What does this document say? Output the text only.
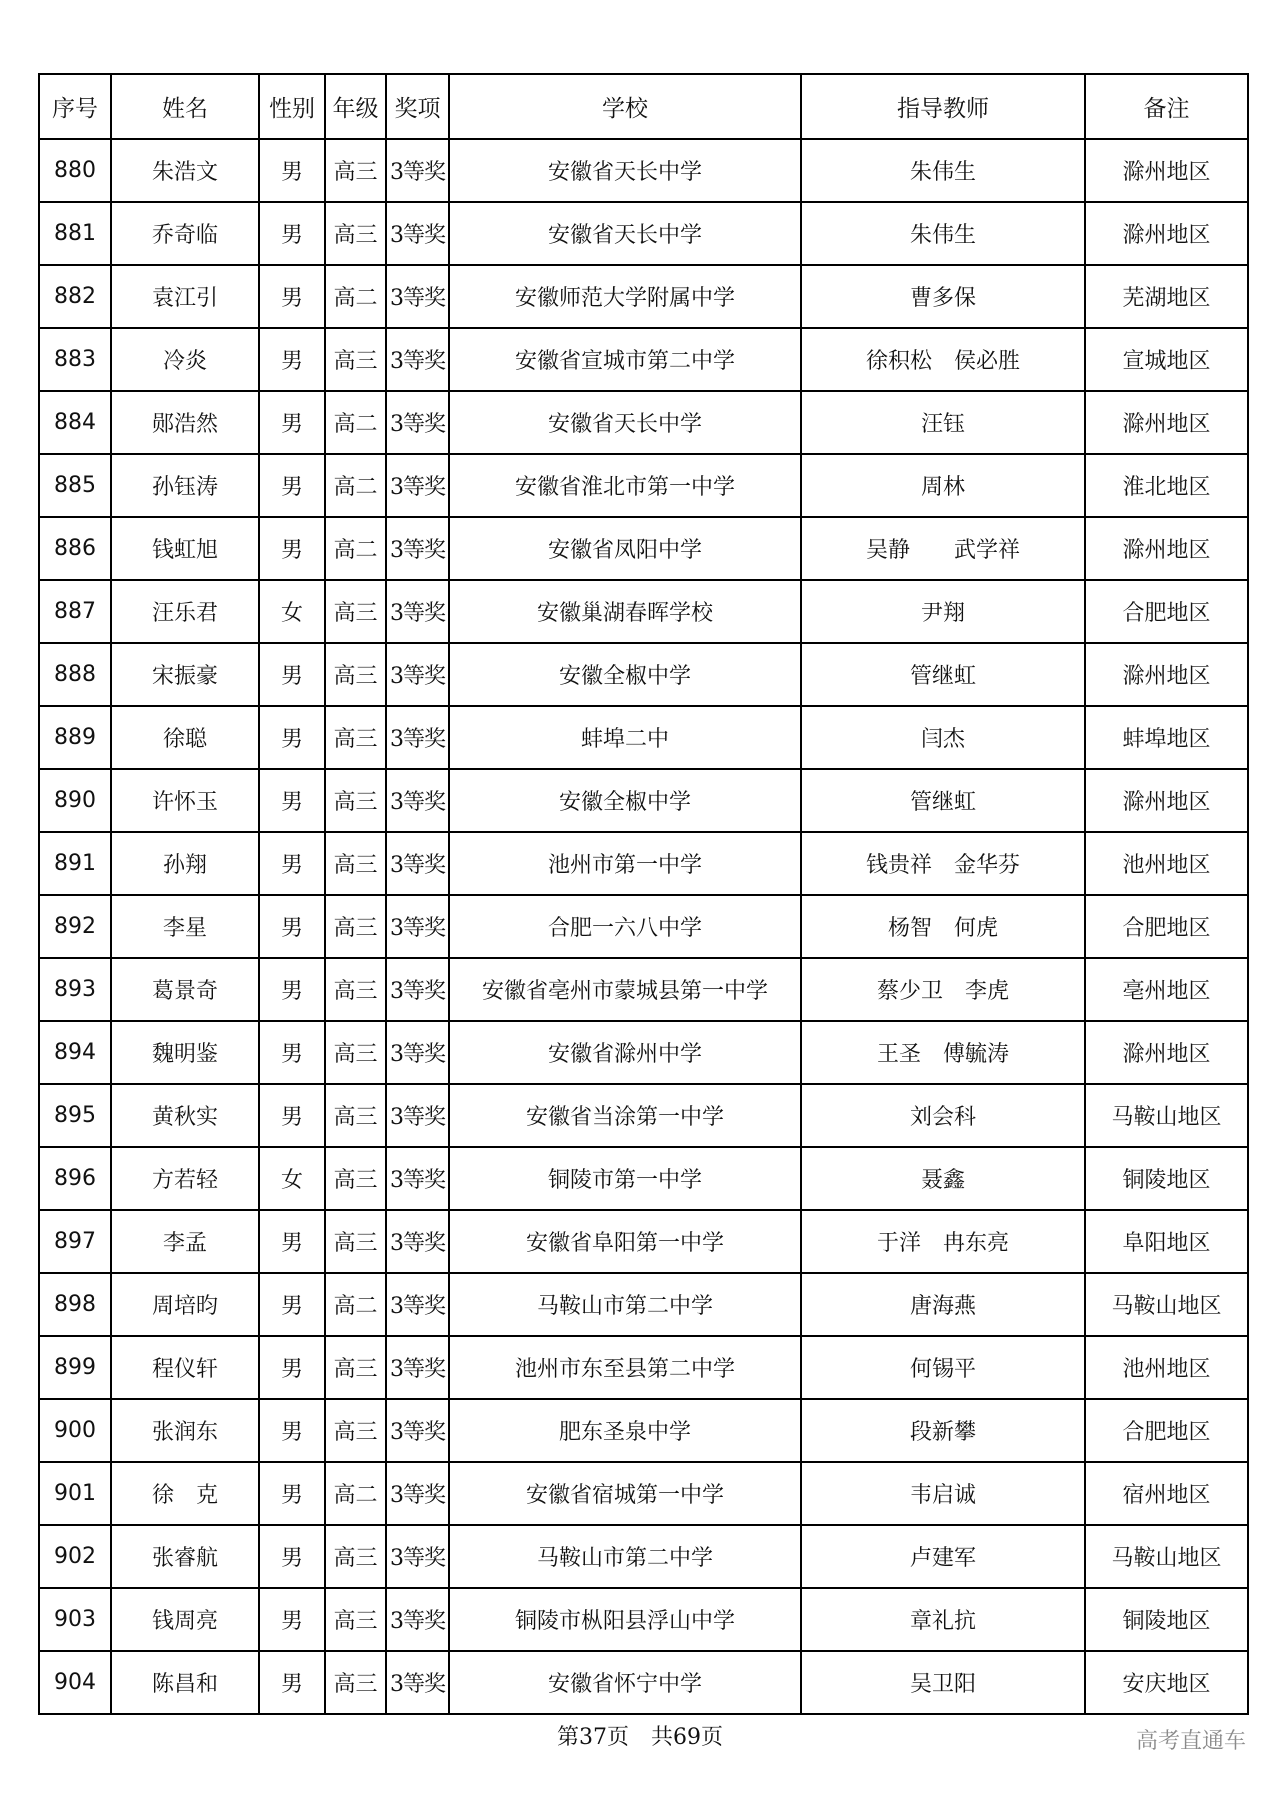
序号	姓名	性别	年级	奖项	学校	指导教师	备注
880	朱浩文	男	高三	3等奖	安徽省天长中学	朱伟生	滁州地区
881	乔奇临	男	高三	3等奖	安徽省天长中学	朱伟生	滁州地区
882	袁江引	男	高二	3等奖	安徽师范大学附属中学	曹多保	芜湖地区
883	冷炎	男	高三	3等奖	安徽省宣城市第二中学	徐积松　侯必胜	宣城地区
884	郧浩然	男	高二	3等奖	安徽省天长中学	汪钰	滁州地区
885	孙钰涛	男	高二	3等奖	安徽省淮北市第一中学	周林	淮北地区
886	钱虹旭	男	高二	3等奖	安徽省凤阳中学	吴静　　武学祥	滁州地区
887	汪乐君	女	高三	3等奖	安徽巢湖春晖学校	尹翔	合肥地区
888	宋振豪	男	高三	3等奖	安徽全椒中学	管继虹	滁州地区
889	徐聪	男	高三	3等奖	蚌埠二中	闫杰	蚌埠地区
890	许怀玉	男	高三	3等奖	安徽全椒中学	管继虹	滁州地区
891	孙翔	男	高三	3等奖	池州市第一中学	钱贵祥　金华芬	池州地区
892	李星	男	高三	3等奖	合肥一六八中学	杨智　何虎	合肥地区
893	葛景奇	男	高三	3等奖	安徽省亳州市蒙城县第一中学	蔡少卫　李虎	亳州地区
894	魏明鉴	男	高三	3等奖	安徽省滁州中学	王圣　傅毓涛	滁州地区
895	黄秋实	男	高三	3等奖	安徽省当涂第一中学	刘会科	马鞍山地区
896	方若轻	女	高三	3等奖	铜陵市第一中学	聂鑫	铜陵地区
897	李孟	男	高三	3等奖	安徽省阜阳第一中学	于洋　冉东亮	阜阳地区
898	周培昀	男	高二	3等奖	马鞍山市第二中学	唐海燕	马鞍山地区
899	程仪轩	男	高三	3等奖	池州市东至县第二中学	何锡平	池州地区
900	张润东	男	高三	3等奖	肥东圣泉中学	段新攀	合肥地区
901	徐　克	男	高二	3等奖	安徽省宿城第一中学	韦启诚	宿州地区
902	张睿航	男	高三	3等奖	马鞍山市第二中学	卢建军	马鞍山地区
903	钱周亮	男	高三	3等奖	铜陵市枞阳县浮山中学	章礼抗	铜陵地区
904	陈昌和	男	高三	3等奖	安徽省怀宁中学	吴卫阳	安庆地区
第37页　共69页	高考直通车
